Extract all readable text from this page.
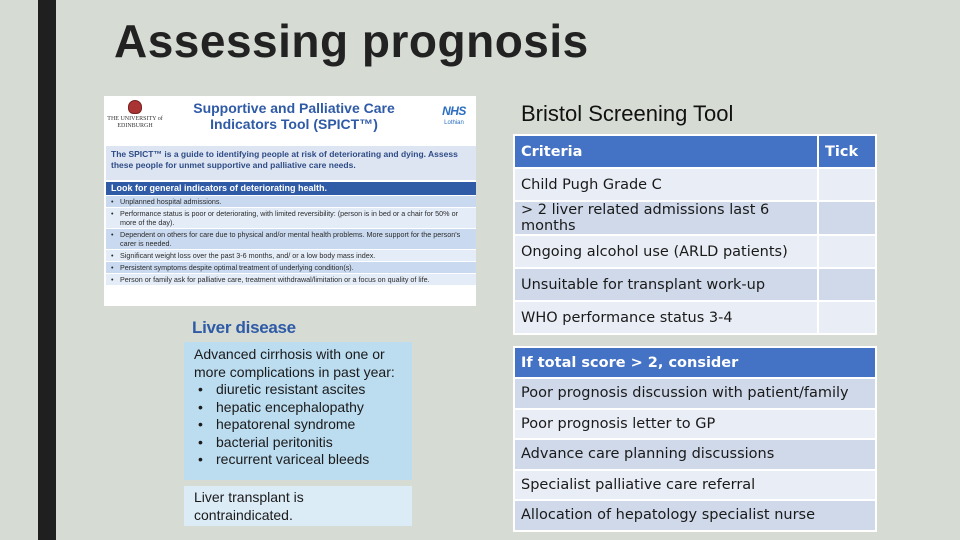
Assessing prognosis
THE UNIVERSITY of EDINBURGH
Supportive and Palliative Care Indicators Tool (SPICT™)
NHS
Lothian
The SPICT™ is a guide to identifying people at risk of deteriorating and dying. Assess these people for unmet supportive and palliative care needs.
Look for general indicators of deteriorating health.
• Unplanned hospital admissions.
• Performance status is poor or deteriorating, with limited reversibility: (person is in bed or a chair for 50% or more of the day).
• Dependent on others for care due to physical and/or mental health problems. More support for the person's carer is needed.
• Significant weight loss over the past 3-6 months, and/ or a low body mass index.
• Persistent symptoms despite optimal treatment of underlying condition(s).
• Person or family ask for palliative care, treatment withdrawal/limitation or a focus on quality of life.
Liver disease
Advanced cirrhosis with one or more complications in past year:
• diuretic resistant ascites
• hepatic encephalopathy
• hepatorenal syndrome
• bacterial peritonitis
• recurrent variceal bleeds
Liver transplant is contraindicated.
Bristol Screening Tool
Criteria	Tick
Child Pugh Grade C	
> 2 liver related admissions last 6 months	
Ongoing alcohol use (ARLD patients)	
Unsuitable for transplant work-up	
WHO performance status 3-4	
If total score > 2, consider
Poor prognosis discussion with patient/family
Poor prognosis letter to GP
Advance care planning discussions
Specialist palliative care referral
Allocation of hepatology specialist nurse
